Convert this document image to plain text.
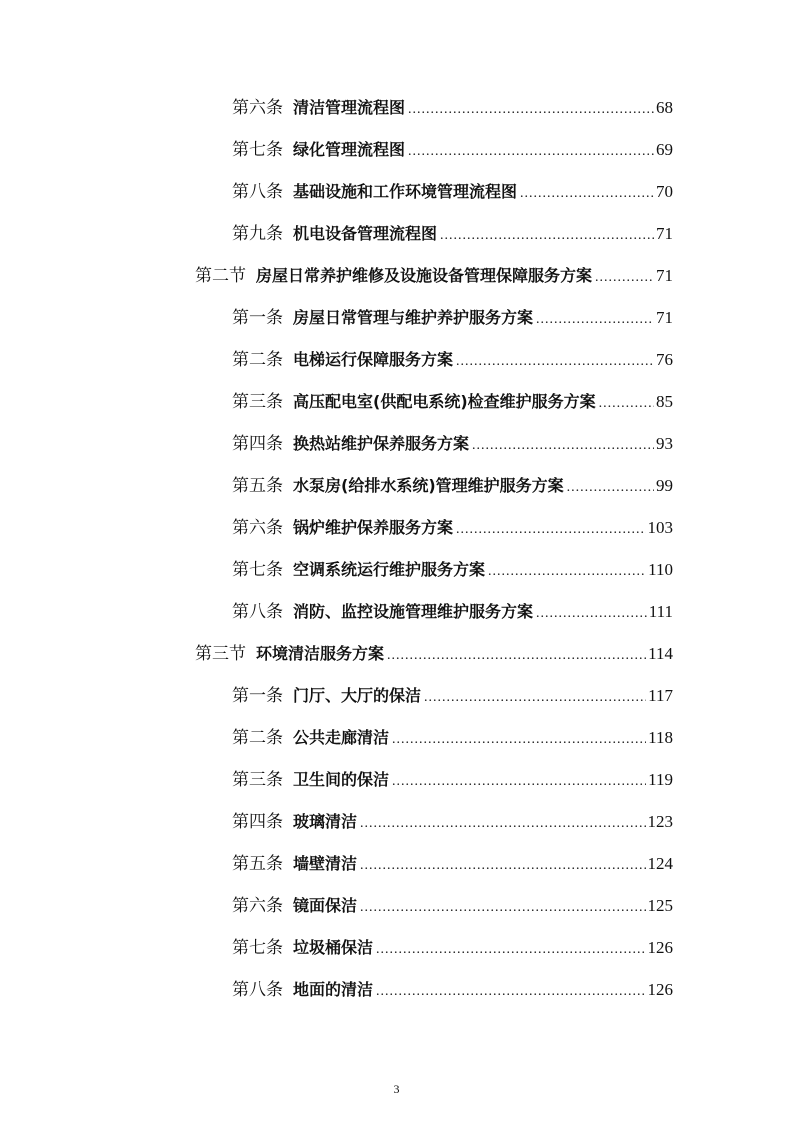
第六条 清洁管理流程图 .....	68
第七条 绿化管理流程图 .....	69
第八条 基础设施和工作环境管理流程图 .....	70
第九条 机电设备管理流程图 .....	71
第二节 房屋日常养护维修及设施设备管理保障服务方案 .....	71
第一条 房屋日常管理与维护养护服务方案 .....	71
第二条 电梯运行保障服务方案 .....	76
第三条 高压配电室(供配电系统)检查维护服务方案 .....	85
第四条 换热站维护保养服务方案 .....	93
第五条 水泵房(给排水系统)管理维护服务方案 .....	99
第六条 锅炉维护保养服务方案 .....	103
第七条 空调系统运行维护服务方案 .....	110
第八条 消防、监控设施管理维护服务方案 .....	111
第三节 环境清洁服务方案 .....	114
第一条 门厅、大厅的保洁 .....	117
第二条 公共走廊清洁 .....	118
第三条 卫生间的保洁 .....	119
第四条 玻璃清洁 .....	123
第五条 墙壁清洁 .....	124
第六条 镜面保洁 .....	125
第七条 垃圾桶保洁 .....	126
第八条 地面的清洁 .....	126
3
